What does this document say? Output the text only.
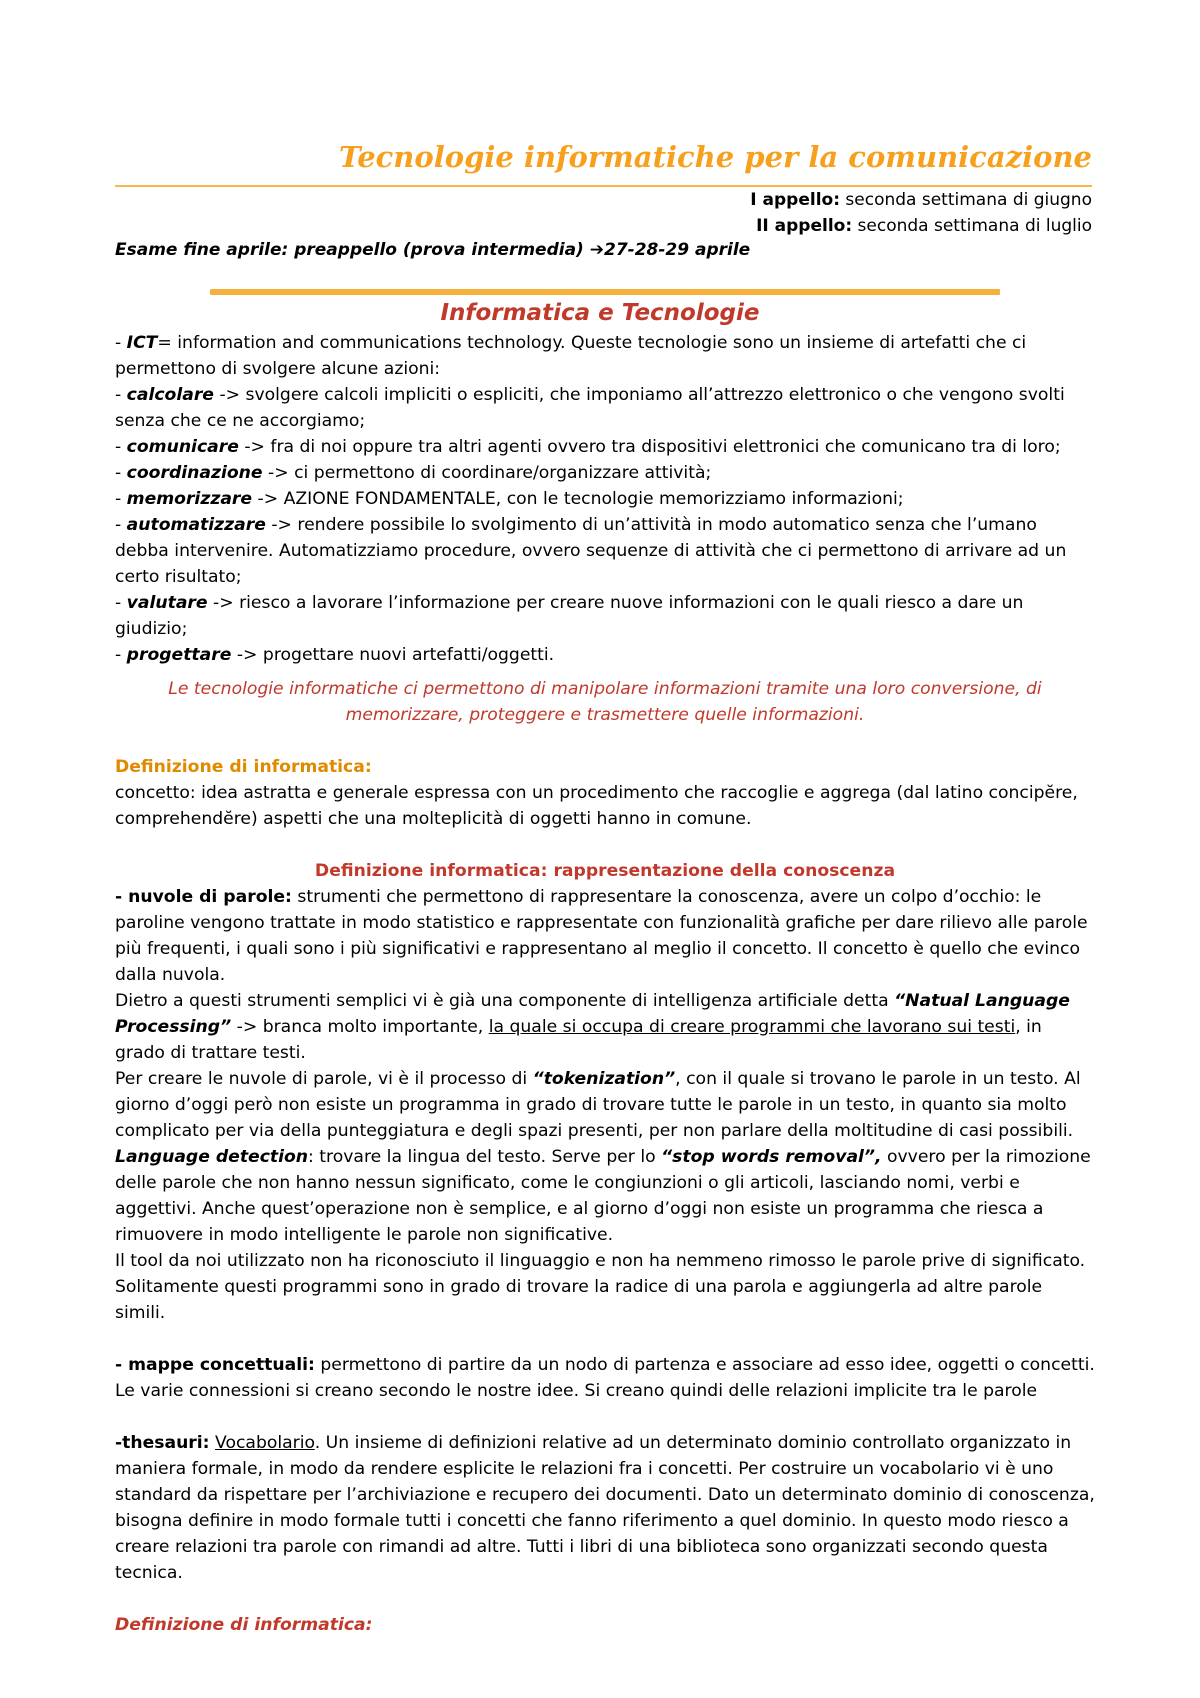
Tecnologie informatiche per la comunicazione
I appello: seconda settimana di giugno
II appello: seconda settimana di luglio
Esame fine aprile: preappello (prova intermedia) ➔27-28-29 aprile
Informatica e Tecnologie

- ICT= information and communications technology. Queste tecnologie sono un insieme di artefatti che ci permettono di svolgere alcune azioni:

- calcolare -> svolgere calcoli impliciti o espliciti, che imponiamo all’attrezzo elettronico o che vengono svolti senza che ce ne accorgiamo;

- comunicare -> fra di noi oppure tra altri agenti ovvero tra dispositivi elettronici che comunicano tra di loro;

- coordinazione -> ci permettono di coordinare/organizzare attività;

- memorizzare -> AZIONE FONDAMENTALE, con le tecnologie memorizziamo informazioni;

- automatizzare -> rendere possibile lo svolgimento di un’attività in modo automatico senza che l’umano debba intervenire. Automatizziamo procedure, ovvero sequenze di attività che ci permettono di arrivare ad un certo risultato;

- valutare -> riesco a lavorare l’informazione per creare nuove informazioni con le quali riesco a dare un giudizio;

- progettare -> progettare nuovi artefatti/oggetti.

Le tecnologie informatiche ci permettono di manipolare informazioni tramite una loro conversione, di memorizzare, proteggere e trasmettere quelle informazioni.

Definizione di informatica:

concetto: idea astratta e generale espressa con un procedimento che raccoglie e aggrega (dal latino concipĕre, comprehendĕre) aspetti che una molteplicità di oggetti hanno in comune.

Definizione informatica: rappresentazione della conoscenza

- nuvole di parole: strumenti che permettono di rappresentare la conoscenza, avere un colpo d’occhio: le paroline vengono trattate in modo statistico e rappresentate con funzionalità grafiche per dare rilievo alle parole più frequenti, i quali sono i più significativi e rappresentano al meglio il concetto. Il concetto è quello che evinco dalla nuvola.

Dietro a questi strumenti semplici vi è già una componente di intelligenza artificiale detta “Natual Language Processing” -> branca molto importante, la quale si occupa di creare programmi che lavorano sui testi, in grado di trattare testi.

Per creare le nuvole di parole, vi è il processo di “tokenization”, con il quale si trovano le parole in un testo. Al giorno d’oggi però non esiste un programma in grado di trovare tutte le parole in un testo, in quanto sia molto complicato per via della punteggiatura e degli spazi presenti, per non parlare della moltitudine di casi possibili.

Language detection: trovare la lingua del testo. Serve per lo “stop words removal”, ovvero per la rimozione delle parole che non hanno nessun significato, come le congiunzioni o gli articoli, lasciando nomi, verbi e aggettivi. Anche quest’operazione non è semplice, e al giorno d’oggi non esiste un programma che riesca a rimuovere in modo intelligente le parole non significative.

Il tool da noi utilizzato non ha riconosciuto il linguaggio e non ha nemmeno rimosso le parole prive di significato. Solitamente questi programmi sono in grado di trovare la radice di una parola e aggiungerla ad altre parole simili.

- mappe concettuali: permettono di partire da un nodo di partenza e associare ad esso idee, oggetti o concetti. Le varie connessioni si creano secondo le nostre idee. Si creano quindi delle relazioni implicite tra le parole

-thesauri: Vocabolario. Un insieme di definizioni relative ad un determinato dominio controllato organizzato in maniera formale, in modo da rendere esplicite le relazioni fra i concetti. Per costruire un vocabolario vi è uno standard da rispettare per l’archiviazione e recupero dei documenti. Dato un determinato dominio di conoscenza, bisogna definire in modo formale tutti i concetti che fanno riferimento a quel dominio. In questo modo riesco a creare relazioni tra parole con rimandi ad altre. Tutti i libri di una biblioteca sono organizzati secondo questa tecnica.

Definizione di informatica:
